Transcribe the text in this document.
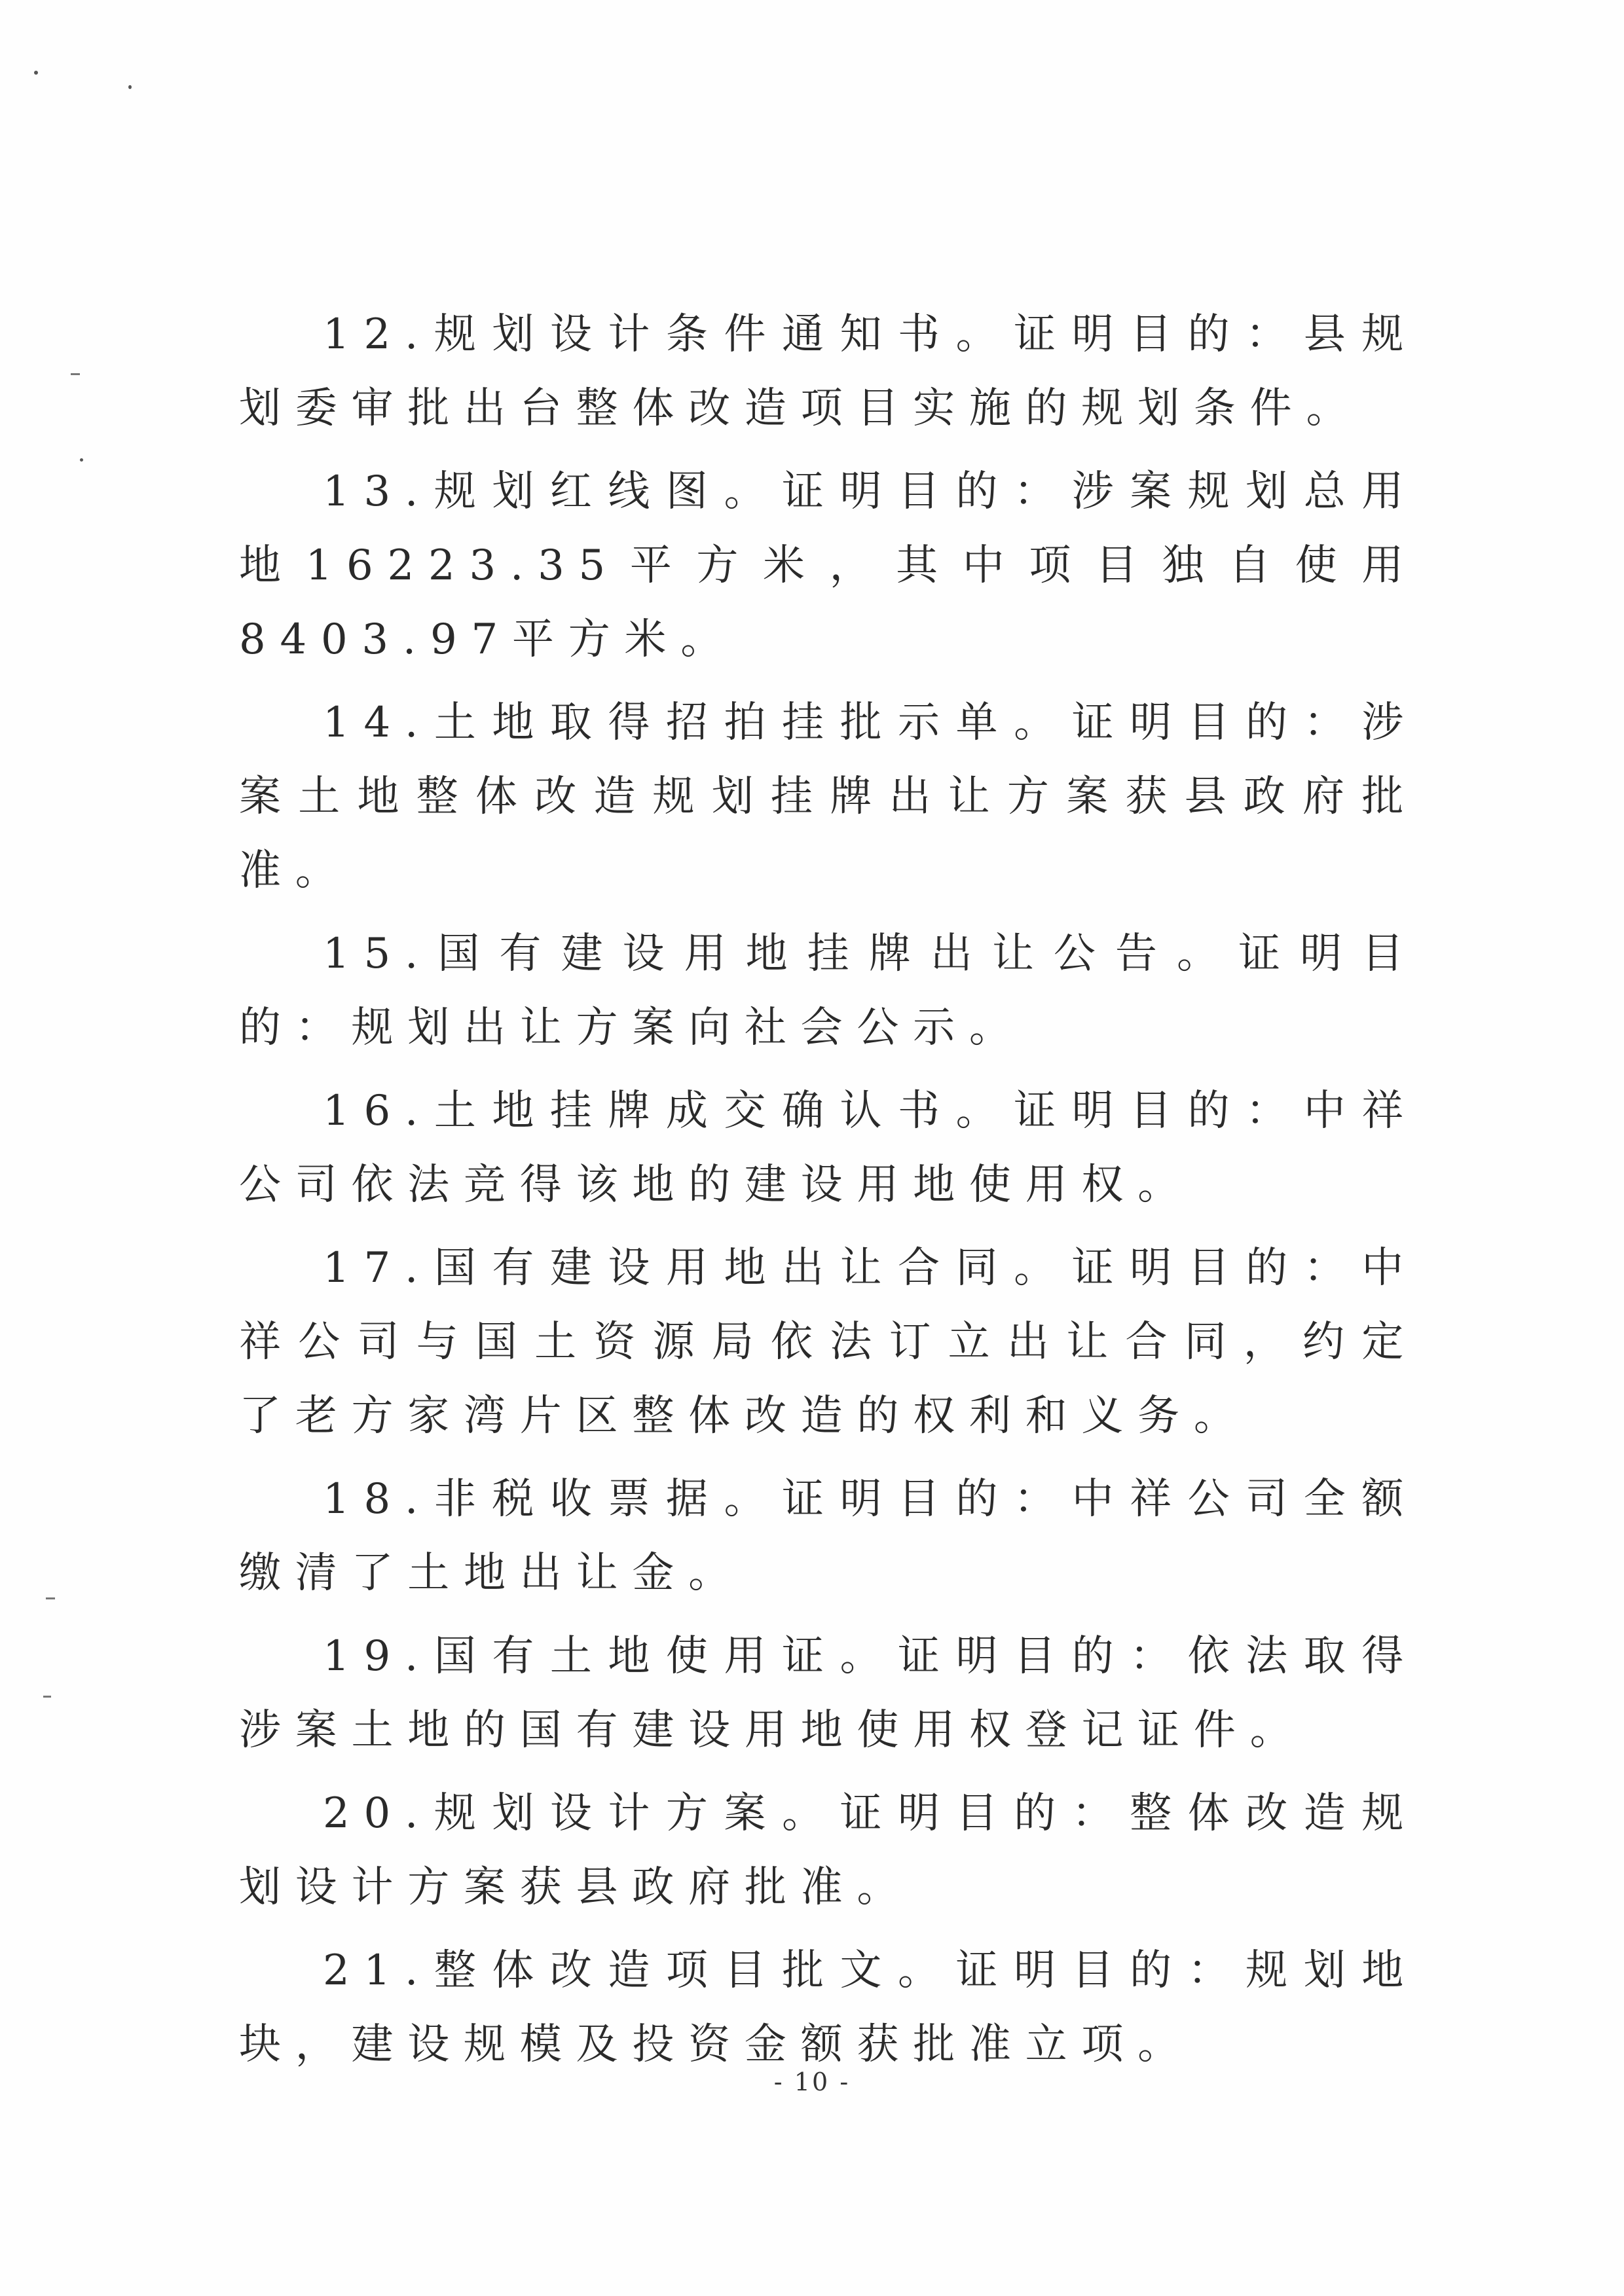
12.规划设计条件通知书。证明目的：县规划委审批出台整体改造项目实施的规划条件。

13.规划红线图。证明目的：涉案规划总用地16223.35平方米，其中项目独自使用8403.97平方米。

14.土地取得招拍挂批示单。证明目的：涉案土地整体改造规划挂牌出让方案获县政府批准。

15.国有建设用地挂牌出让公告。证明目的：规划出让方案向社会公示。

16.土地挂牌成交确认书。证明目的：中祥公司依法竞得该地的建设用地使用权。

17.国有建设用地出让合同。证明目的：中祥公司与国土资源局依法订立出让合同，约定了老方家湾片区整体改造的权利和义务。

18.非税收票据。证明目的：中祥公司全额缴清了土地出让金。

19.国有土地使用证。证明目的：依法取得涉案土地的国有建设用地使用权登记证件。

20.规划设计方案。证明目的：整体改造规划设计方案获县政府批准。

21.整体改造项目批文。证明目的：规划地块，建设规模及投资金额获批准立项。

- 10 -
